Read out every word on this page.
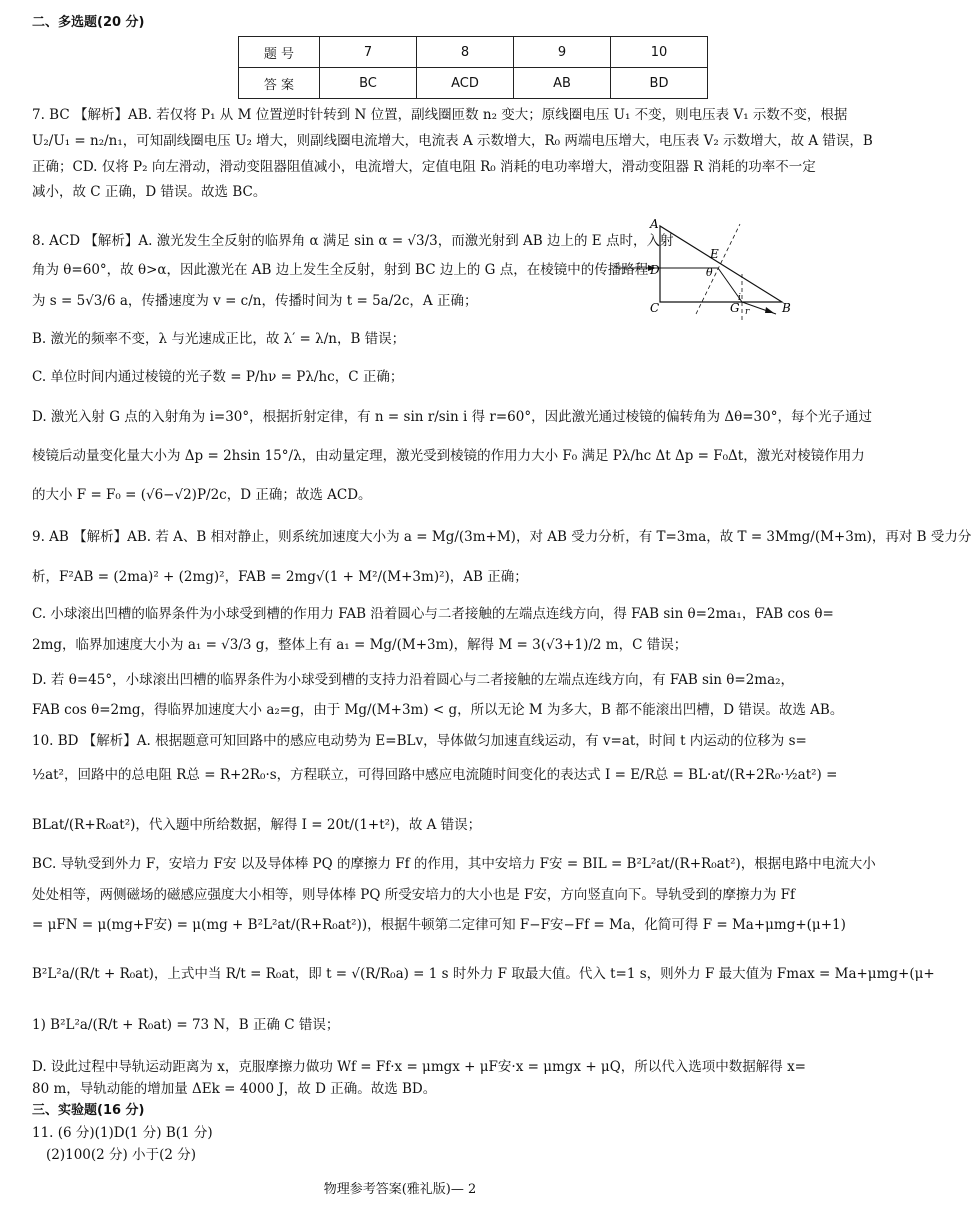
二、多选题(20 分)
题 号	7	8	9	10
答 案	BC	ACD	AB	BD
7. BC 【解析】AB. 若仅将 P₁ 从 M 位置逆时针转到 N 位置，副线圈匝数 n₂ 变大；原线圈电压 U₁ 不变，则电压表 V₁ 示数不变，根据
U₂/U₁ = n₂/n₁，可知副线圈电压 U₂ 增大，则副线圈电流增大，电流表 A 示数增大，R₀ 两端电压增大，电压表 V₂ 示数增大，故 A 错误，B
正确；CD. 仅将 P₂ 向左滑动，滑动变阻器阻值减小，电流增大，定值电阻 R₀ 消耗的电功率增大，滑动变阻器 R 消耗的功率不一定
减小，故 C 正确，D 错误。故选 BC。
8. ACD 【解析】A. 激光发生全反射的临界角 α 满足 sin α = √3/3，而激光射到 AB 边上的 E 点时，入射
角为 θ=60°，故 θ>α，因此激光在 AB 边上发生全反射，射到 BC 边上的 G 点，在棱镜中的传播路程
为 s = 5√3/6 a，传播速度为 v = c/n，传播时间为 t = 5a/2c，A 正确；
B. 激光的频率不变，λ 与光速成正比，故 λ′ = λ/n，B 错误；
C. 单位时间内通过棱镜的光子数 = P/hν = Pλ/hc，C 正确；
D. 激光入射 G 点的入射角为 i=30°，根据折射定律，有 n = sin r/sin i 得 r=60°，因此激光通过棱镜的偏转角为 Δθ=30°，每个光子通过
棱镜后动量变化量大小为 Δp = 2hsin 15°/λ，由动量定理，激光受到棱镜的作用力大小 F₀ 满足 Pλ/hc Δt Δp = F₀Δt，激光对棱镜作用力
的大小 F = F₀ = (√6−√2)P/2c，D 正确；故选 ACD。
A
E
D	θ
C	G	B
i
r
9. AB 【解析】AB. 若 A、B 相对静止，则系统加速度大小为 a = Mg/(3m+M)，对 AB 受力分析，有 T=3ma，故 T = 3Mmg/(M+3m)，再对 B 受力分
析，F²AB = (2ma)² + (2mg)²，FAB = 2mg√(1 + M²/(M+3m)²)，AB 正确；
C. 小球滚出凹槽的临界条件为小球受到槽的作用力 FAB 沿着圆心与二者接触的左端点连线方向，得 FAB sin θ=2ma₁，FAB cos θ=
2mg，临界加速度大小为 a₁ = √3/3 g，整体上有 a₁ = Mg/(M+3m)，解得 M = 3(√3+1)/2 m，C 错误；
D. 若 θ=45°，小球滚出凹槽的临界条件为小球受到槽的支持力沿着圆心与二者接触的左端点连线方向，有 FAB sin θ=2ma₂，
FAB cos θ=2mg，得临界加速度大小 a₂=g，由于 Mg/(M+3m) < g，所以无论 M 为多大，B 都不能滚出凹槽，D 错误。故选 AB。
10. BD 【解析】A. 根据题意可知回路中的感应电动势为 E=BLv，导体做匀加速直线运动，有 v=at，时间 t 内运动的位移为 s=
½at²，回路中的总电阻 R总 = R+2R₀·s，方程联立，可得回路中感应电流随时间变化的表达式 I = E/R总 = BL·at/(R+2R₀·½at²) =
BLat/(R+R₀at²)，代入题中所给数据，解得 I = 20t/(1+t²)，故 A 错误；
BC. 导轨受到外力 F，安培力 F安 以及导体棒 PQ 的摩擦力 Ff 的作用，其中安培力 F安 = BIL = B²L²at/(R+R₀at²)，根据电路中电流大小
处处相等，两侧磁场的磁感应强度大小相等，则导体棒 PQ 所受安培力的大小也是 F安，方向竖直向下。导轨受到的摩擦力为 Ff
= μFN = μ(mg+F安) = μ(mg + B²L²at/(R+R₀at²))，根据牛顿第二定律可知 F−F安−Ff = Ma，化简可得 F = Ma+μmg+(μ+1)
B²L²a/(R/t + R₀at)，上式中当 R/t = R₀at，即 t = √(R/R₀a) = 1 s 时外力 F 取最大值。代入 t=1 s，则外力 F 最大值为 Fmax = Ma+μmg+(μ+
1) B²L²a/(R/t + R₀at) = 73 N，B 正确 C 错误；
D. 设此过程中导轨运动距离为 x，克服摩擦力做功 Wf = Ff·x = μmgx + μF安·x = μmgx + μQ，所以代入选项中数据解得 x=
80 m，导轨动能的增加量 ΔEk = 4000 J，故 D 正确。故选 BD。
三、实验题(16 分)
11. (6 分)(1)D(1 分) B(1 分)
(2)100(2 分) 小于(2 分)
物理参考答案(雅礼版)— 2
